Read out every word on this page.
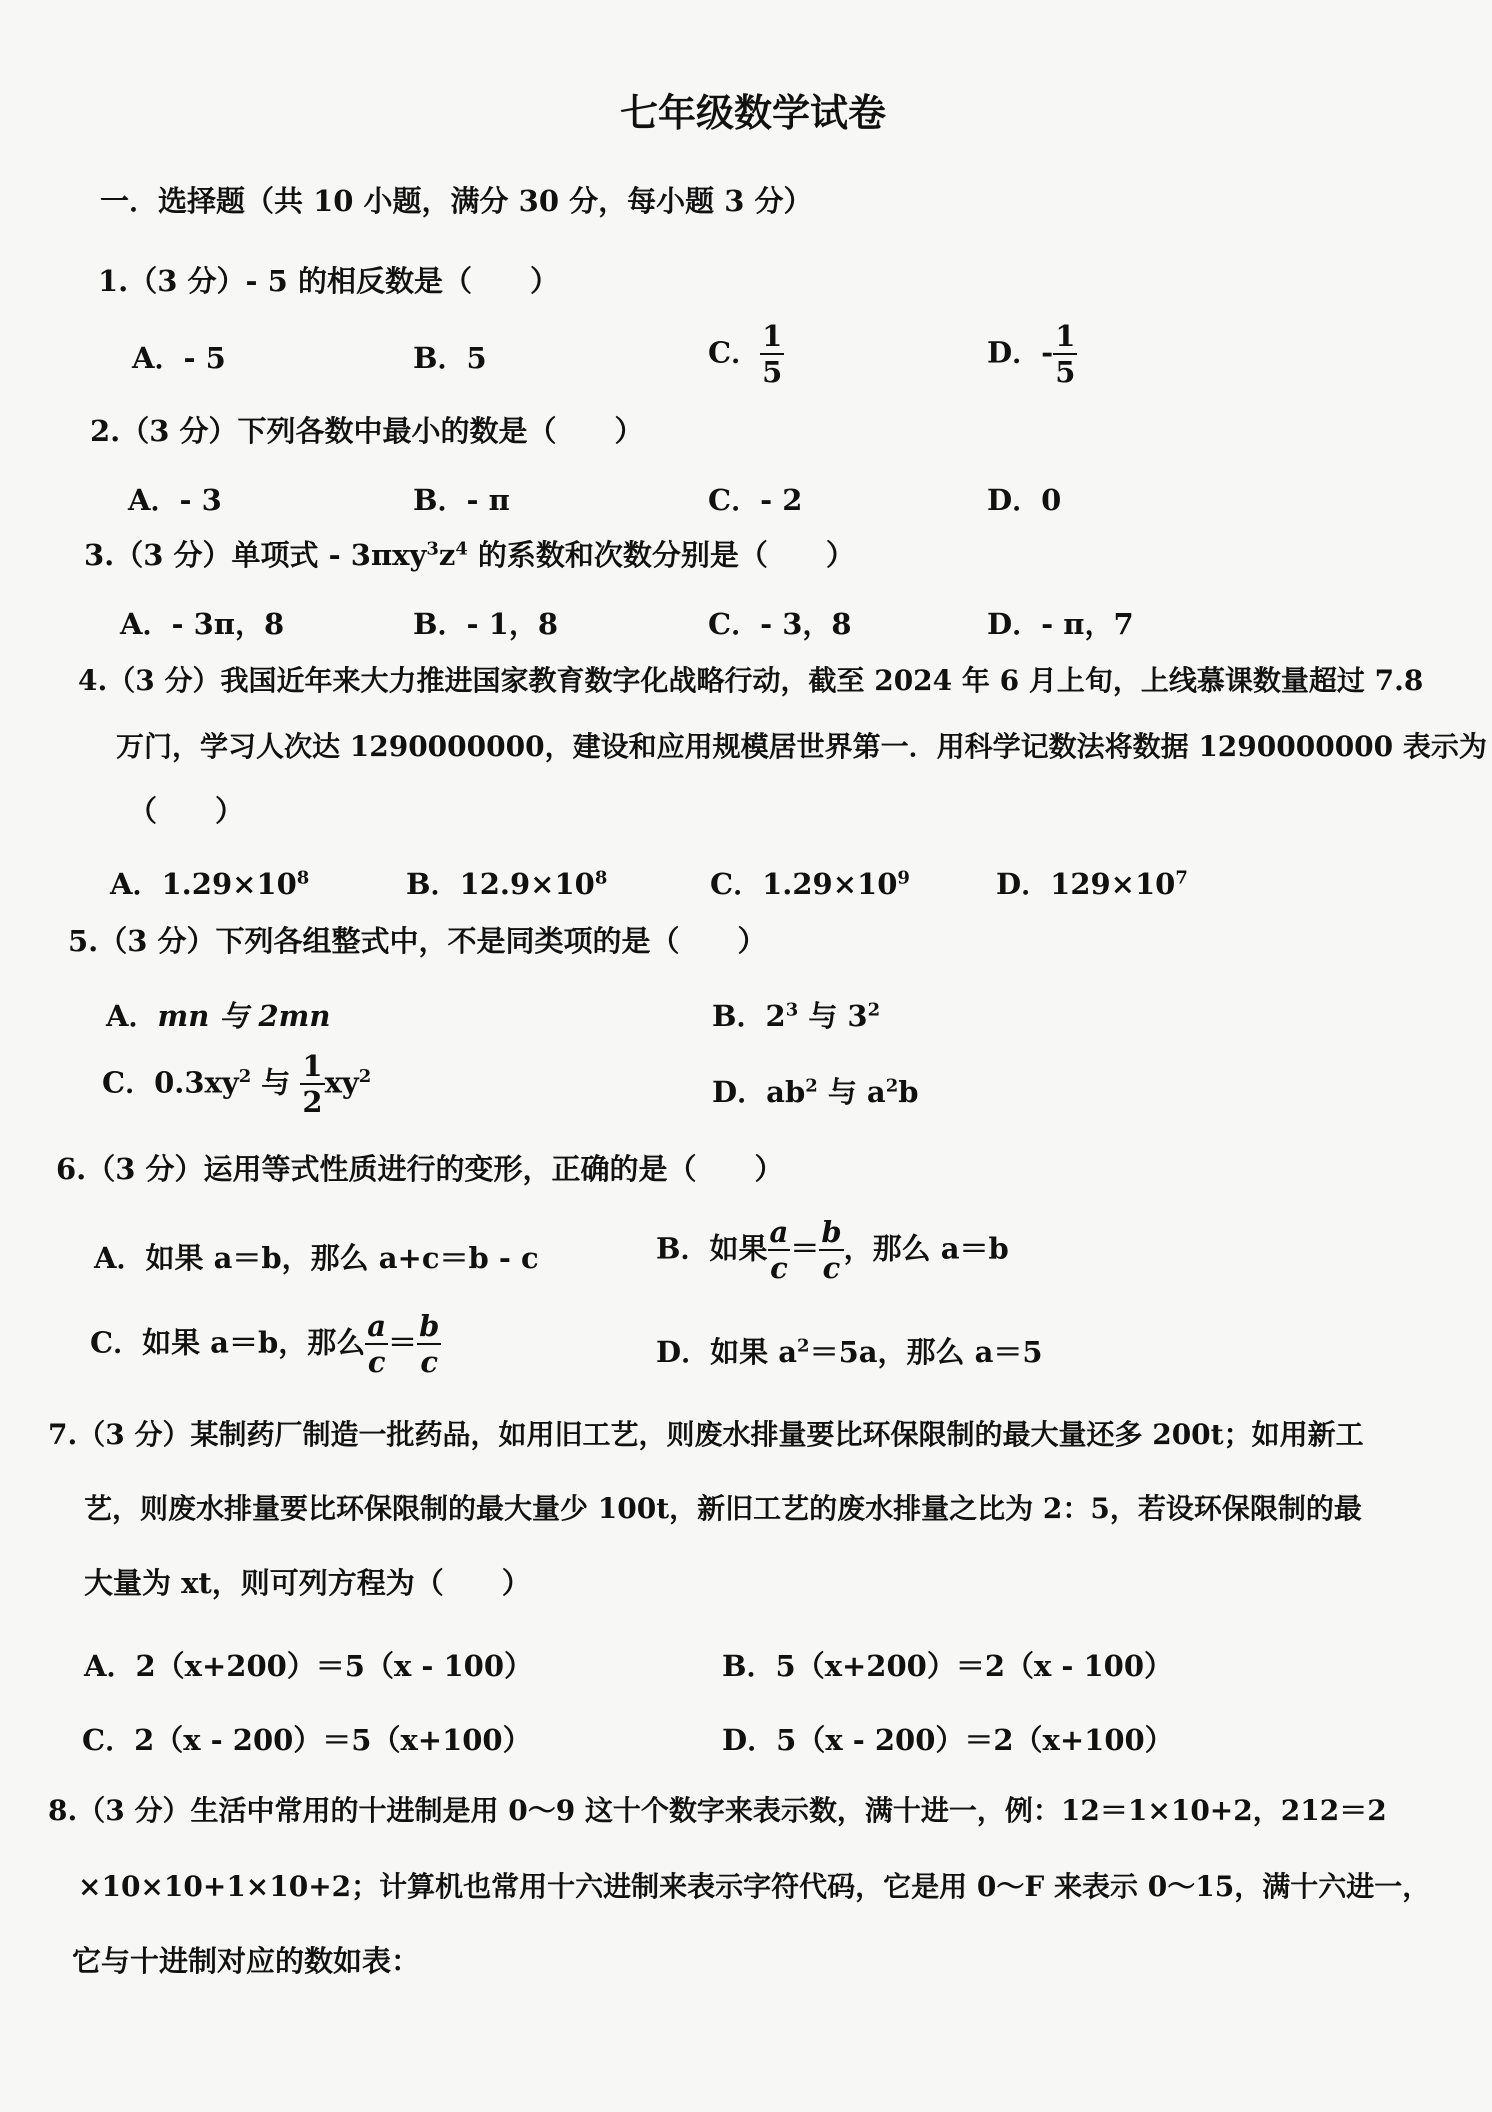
七年级数学试卷
一．选择题（共 10 小题，满分 30 分，每小题 3 分）
1.（3 分）- 5 的相反数是（　　）
A．- 5	B．5	C． $\frac{1}{5}$	D．- $\frac{1}{5}$
2.（3 分）下列各数中最小的数是（　　）
A．- 3	B．- π	C．- 2	D．0
3.（3 分）单项式 - $3\pi xy^3z^4$ 的系数和次数分别是（　　）
A．- 3π，8	B．- 1，8	C．- 3，8	D．- π，7
4.（3 分）我国近年来大力推进国家教育数字化战略行动，截至 2024 年 6 月上旬，上线慕课数量超过 7.8
万门，学习人次达 1290000000，建设和应用规模居世界第一．用科学记数法将数据 1290000000 表示为
（　　）
A．$1.29\times 10^8$	B．$12.9\times 10^8$	C．$1.29\times 10^9$	D．$129\times 10^7$
5.（3 分）下列各组整式中，不是同类项的是（　　）
A．mn 与 2mn	B．$2^3$ 与 $3^2$
C．$0.3xy^2$ 与 $\frac{1}{2} xy^2$	D．$ab^2$ 与 $a^2b$
6.（3 分）运用等式性质进行的变形，正确的是（　　）
A．如果 a＝b，那么 a+c＝b - c	B．如果 $\frac{a}{c} = \frac{b}{c}$ ，那么 a＝b
C．如果 a＝b，那么 $\frac{a}{c} = \frac{b}{c}$	D．如果 $a^2=5a$，那么 a＝5
7.（3 分）某制药厂制造一批药品，如用旧工艺，则废水排量要比环保限制的最大量还多 200t；如用新工
艺，则废水排量要比环保限制的最大量少 100t，新旧工艺的废水排量之比为 2：5，若设环保限制的最
大量为 xt，则可列方程为（　　）
A．2（x+200）＝5（x - 100）	B．5（x+200）＝2（x - 100）
C．2（x - 200）＝5（x+100）	D．5（x - 200）＝2（x+100）
8.（3 分）生活中常用的十进制是用 0～9 这十个数字来表示数，满十进一，例：12＝1×10+2，212＝2
×10×10+1×10+2；计算机也常用十六进制来表示字符代码，它是用 0～F 来表示 0～15，满十六进一，
它与十进制对应的数如表：
